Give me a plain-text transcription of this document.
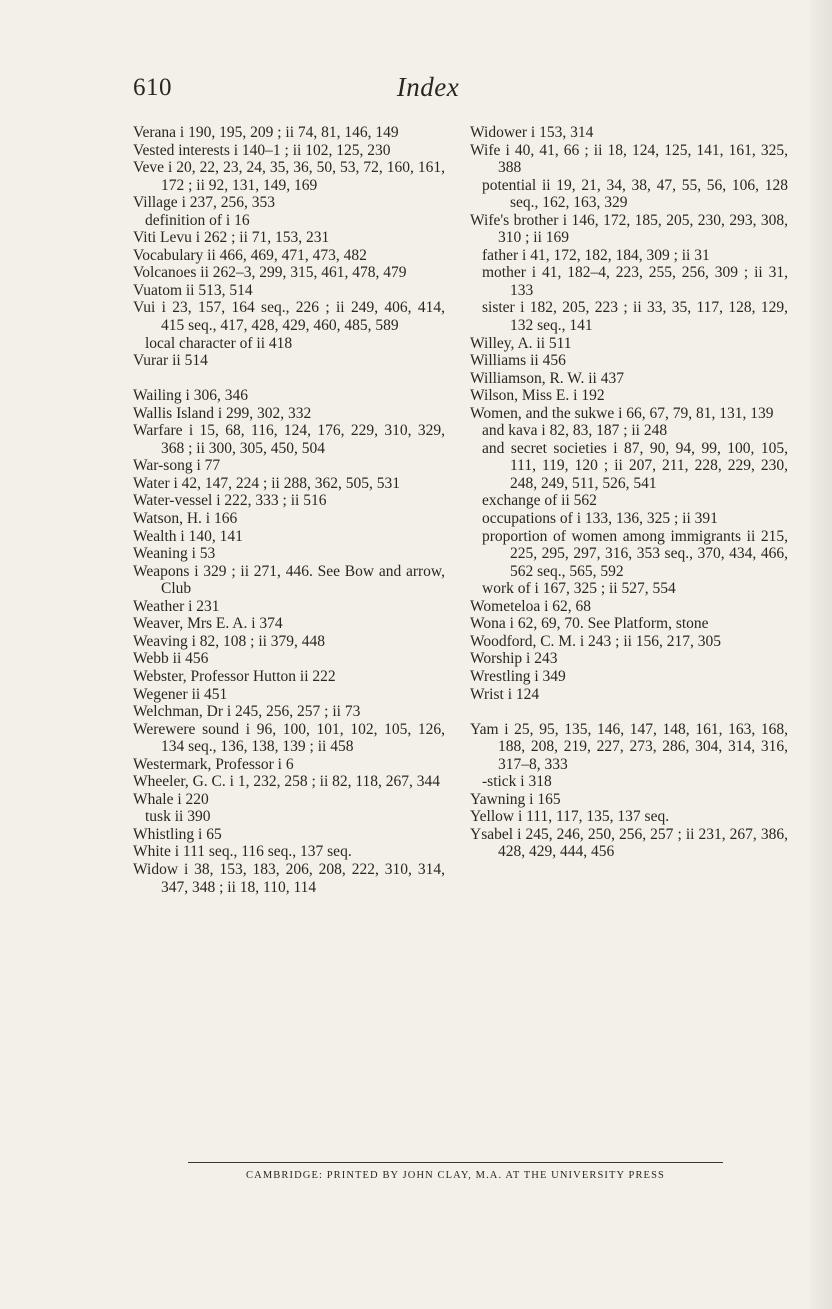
610	Index
Verana i 190, 195, 209 ; ii 74, 81, 146, 149
Vested interests i 140–1 ; ii 102, 125, 230
Veve i 20, 22, 23, 24, 35, 36, 50, 53, 72, 160, 161, 172 ; ii 92, 131, 149, 169
Village i 237, 256, 353
definition of i 16
Viti Levu i 262 ; ii 71, 153, 231
Vocabulary ii 466, 469, 471, 473, 482
Volcanoes ii 262–3, 299, 315, 461, 478, 479
Vuatom ii 513, 514
Vui i 23, 157, 164 seq., 226 ; ii 249, 406, 414, 415 seq., 417, 428, 429, 460, 485, 589
local character of ii 418
Vurar ii 514
Wailing i 306, 346
Wallis Island i 299, 302, 332
Warfare i 15, 68, 116, 124, 176, 229, 310, 329, 368 ; ii 300, 305, 450, 504
War-song i 77
Water i 42, 147, 224 ; ii 288, 362, 505, 531
Water-vessel i 222, 333 ; ii 516
Watson, H. i 166
Wealth i 140, 141
Weaning i 53
Weapons i 329 ; ii 271, 446. See Bow and arrow, Club
Weather i 231
Weaver, Mrs E. A. i 374
Weaving i 82, 108 ; ii 379, 448
Webb ii 456
Webster, Professor Hutton ii 222
Wegener ii 451
Welchman, Dr i 245, 256, 257 ; ii 73
Werewere sound i 96, 100, 101, 102, 105, 126, 134 seq., 136, 138, 139 ; ii 458
Westermark, Professor i 6
Wheeler, G. C. i 1, 232, 258 ; ii 82, 118, 267, 344
Whale i 220
tusk ii 390
Whistling i 65
White i 111 seq., 116 seq., 137 seq.
Widow i 38, 153, 183, 206, 208, 222, 310, 314, 347, 348 ; ii 18, 110, 114
Widower i 153, 314
Wife i 40, 41, 66 ; ii 18, 124, 125, 141, 161, 325, 388
potential ii 19, 21, 34, 38, 47, 55, 56, 106, 128 seq., 162, 163, 329
Wife's brother i 146, 172, 185, 205, 230, 293, 308, 310 ; ii 169
father i 41, 172, 182, 184, 309 ; ii 31
mother i 41, 182–4, 223, 255, 256, 309 ; ii 31, 133
sister i 182, 205, 223 ; ii 33, 35, 117, 128, 129, 132 seq., 141
Willey, A. ii 511
Williams ii 456
Williamson, R. W. ii 437
Wilson, Miss E. i 192
Women, and the sukwe i 66, 67, 79, 81, 131, 139
and kava i 82, 83, 187 ; ii 248
and secret societies i 87, 90, 94, 99, 100, 105, 111, 119, 120 ; ii 207, 211, 228, 229, 230, 248, 249, 511, 526, 541
exchange of ii 562
occupations of i 133, 136, 325 ; ii 391
proportion of women among immigrants ii 215, 225, 295, 297, 316, 353 seq., 370, 434, 466, 562 seq., 565, 592
work of i 167, 325 ; ii 527, 554
Wometeloa i 62, 68
Wona i 62, 69, 70. See Platform, stone
Woodford, C. M. i 243 ; ii 156, 217, 305
Worship i 243
Wrestling i 349
Wrist i 124
Yam i 25, 95, 135, 146, 147, 148, 161, 163, 168, 188, 208, 219, 227, 273, 286, 304, 314, 316, 317–8, 333
-stick i 318
Yawning i 165
Yellow i 111, 117, 135, 137 seq.
Ysabel i 245, 246, 250, 256, 257 ; ii 231, 267, 386, 428, 429, 444, 456
CAMBRIDGE: PRINTED BY JOHN CLAY, M.A. AT THE UNIVERSITY PRESS
